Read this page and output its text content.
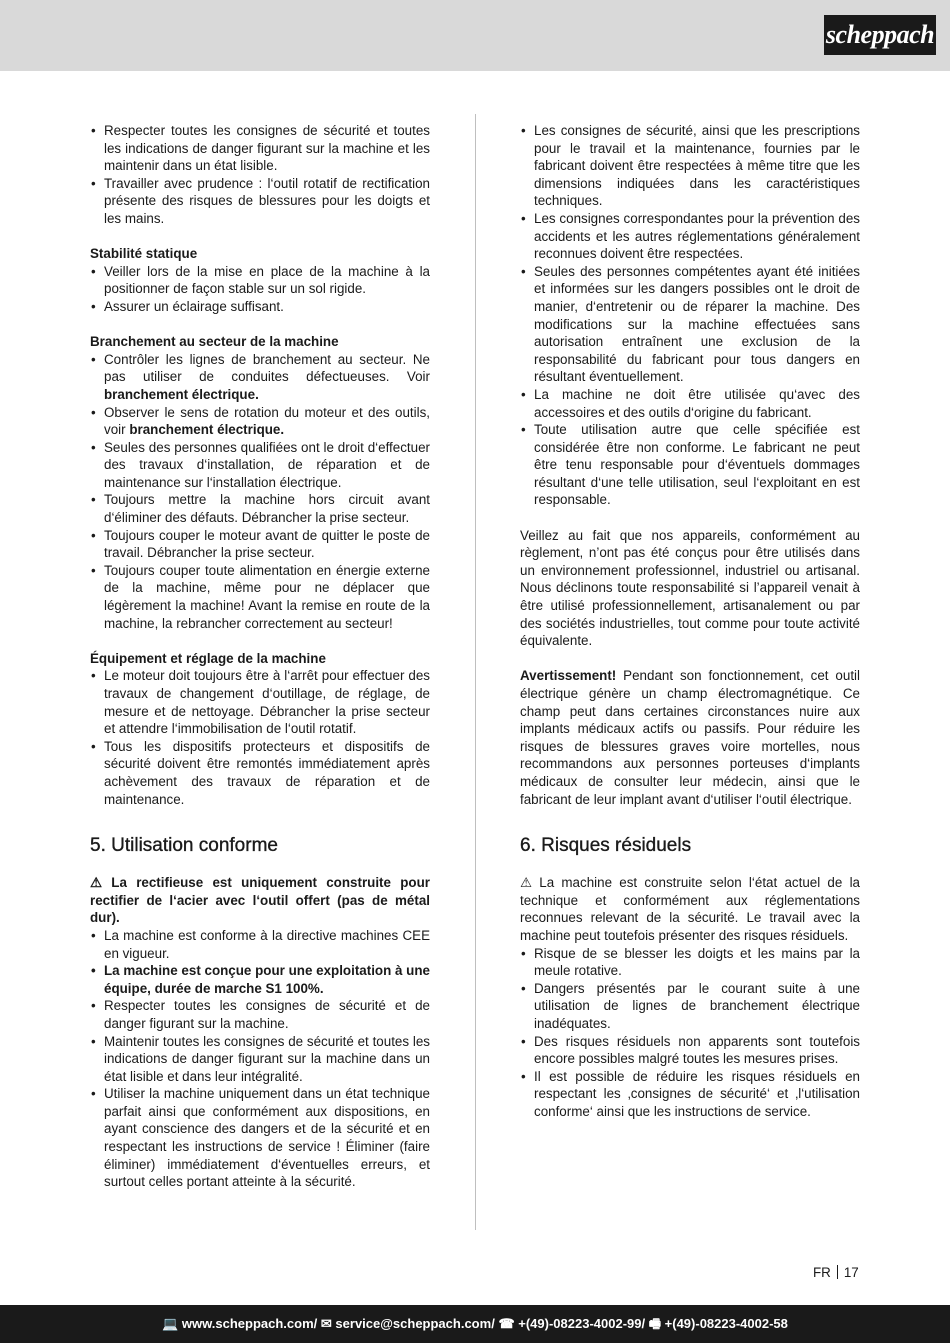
scheppach
• Respecter toutes les consignes de sécurité et toutes les indications de danger figurant sur la machine et les maintenir dans un état lisible.
• Travailler avec prudence : l‘outil rotatif de rectification présente des risques de blessures pour les doigts et les mains.

Stabilité statique

• Veiller lors de la mise en place de la machine à la positionner de façon stable sur un sol rigide.
• Assurer un éclairage suffisant.

Branchement au secteur de la machine

• Contrôler les lignes de branchement au secteur. Ne pas utiliser de conduites défectueuses. Voir branchement électrique.
• Observer le sens de rotation du moteur et des outils, voir branchement électrique.
• Seules des personnes qualifiées ont le droit d‘effectuer des travaux d‘installation, de réparation et de maintenance sur l‘installation électrique.
• Toujours mettre la machine hors circuit avant d‘éliminer des défauts. Débrancher la prise secteur.
• Toujours couper le moteur avant de quitter le poste de travail. Débrancher la prise secteur.
• Toujours couper toute alimentation en énergie externe de la machine, même pour ne déplacer que légèrement la machine! Avant la remise en route de la machine, la rebrancher correctement au secteur!

Équipement et réglage de la machine

• Le moteur doit toujours être à l‘arrêt pour effectuer des travaux de changement d‘outillage, de réglage, de mesure et de nettoyage. Débrancher la prise secteur et attendre l‘immobilisation de l‘outil rotatif.
• Tous les dispositifs protecteurs et dispositifs de sécurité doivent être remontés immédiatement après achèvement des travaux de réparation et de maintenance.
5. Utilisation conforme

⚠ La rectifieuse est uniquement construite pour rectifier de l‘acier avec l‘outil offert (pas de métal dur).

• La machine est conforme à la directive machines CEE en vigueur.
• La machine est conçue pour une exploitation à une équipe, durée de marche S1 100%.
• Respecter toutes les consignes de sécurité et de danger figurant sur la machine.
• Maintenir toutes les consignes de sécurité et toutes les indications de danger figurant sur la machine dans un état lisible et dans leur intégralité.
• Utiliser la machine uniquement dans un état technique parfait ainsi que conformément aux dispositions, en ayant conscience des dangers et de la sécurité et en respectant les instructions de service ! Éliminer (faire éliminer) immédiatement d‘éventuelles erreurs, et surtout celles portant atteinte à la sécurité.
• Les consignes de sécurité, ainsi que les prescriptions pour le travail et la maintenance, fournies par le fabricant doivent être respectées à même titre que les dimensions indiquées dans les caractéristiques techniques.
• Les consignes correspondantes pour la prévention des accidents et les autres réglementations généralement reconnues doivent être respectées.
• Seules des personnes compétentes ayant été initiées et informées sur les dangers possibles ont le droit de manier, d‘entretenir ou de réparer la machine. Des modifications sur la machine effectuées sans autorisation entraînent une exclusion de la responsabilité du fabricant pour tous dangers en résultant éventuellement.
• La machine ne doit être utilisée qu‘avec des accessoires et des outils d‘origine du fabricant.
• Toute utilisation autre que celle spécifiée est considérée être non conforme. Le fabricant ne peut être tenu responsable pour d‘éventuels dommages résultant d‘une telle utilisation, seul l‘exploitant en est responsable.

Veillez au fait que nos appareils, conformément au règlement, n’ont pas été conçus pour être utilisés dans un environnement professionnel, industriel ou artisanal. Nous déclinons toute responsabilité si l’appareil venait à être utilisé professionnellement, artisanalement ou par des sociétés industrielles, tout comme pour toute activité équivalente.

Avertissement! Pendant son fonctionnement, cet outil électrique génère un champ électromagnétique. Ce champ peut dans certaines circonstances nuire aux implants médicaux actifs ou passifs. Pour réduire les risques de blessures graves voire mortelles, nous recommandons aux personnes porteuses d‘implants médicaux de consulter leur médecin, ainsi que le fabricant de leur implant avant d‘utiliser l‘outil électrique.

6. Risques résiduels

⚠ La machine est construite selon l‘état actuel de la technique et conformément aux réglementations reconnues relevant de la sécurité. Le travail avec la machine peut toutefois présenter des risques résiduels.

• Risque de se blesser les doigts et les mains par la meule rotative.
• Dangers présentés par le courant suite à une utilisation de lignes de branchement électrique inadéquates.
• Des risques résiduels non apparents sont toutefois encore possibles malgré toutes les mesures prises.
• Il est possible de réduire les risques résiduels en respectant les ‚consignes de sécurité‘ et ‚l‘utilisation conforme‘ ainsi que les instructions de service.
FR 17
💻 www.scheppach.com/ ✉ service@scheppach.com/ ☎ +(49)-08223-4002-99/ 🖷 +(49)-08223-4002-58
